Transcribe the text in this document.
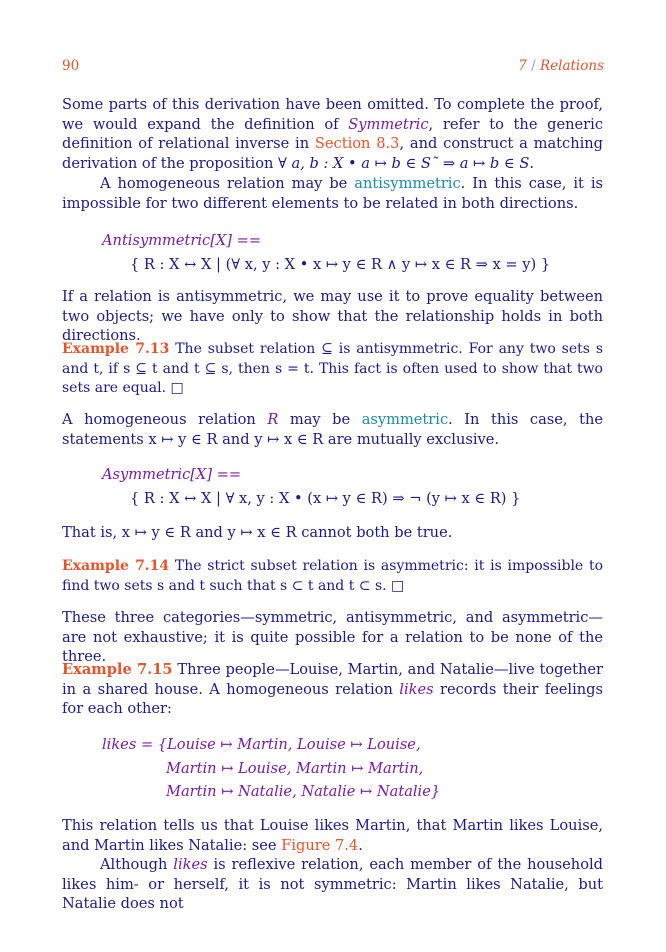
90	7 / Relations
Some parts of this derivation have been omitted. To complete the proof, we would expand the definition of Symmetric, refer to the generic definition of relational inverse in Section 8.3, and construct a matching derivation of the proposition ∀ a, b : X • a ↦ b ∈ S˜ ⇒ a ↦ b ∈ S.
A homogeneous relation may be antisymmetric. In this case, it is impossible for two different elements to be related in both directions.
Antisymmetric[X] ==
{ R : X ↔ X | (∀ x, y : X • x ↦ y ∈ R ∧ y ↦ x ∈ R ⇒ x = y) }
If a relation is antisymmetric, we may use it to prove equality between two objects; we have only to show that the relationship holds in both directions.
Example 7.13 The subset relation ⊆ is antisymmetric. For any two sets s and t, if s ⊆ t and t ⊆ s, then s = t. This fact is often used to show that two sets are equal. □
A homogeneous relation R may be asymmetric. In this case, the statements x ↦ y ∈ R and y ↦ x ∈ R are mutually exclusive.
Asymmetric[X] ==
{ R : X ↔ X | ∀ x, y : X • (x ↦ y ∈ R) ⇒ ¬ (y ↦ x ∈ R) }
That is, x ↦ y ∈ R and y ↦ x ∈ R cannot both be true.
Example 7.14 The strict subset relation is asymmetric: it is impossible to find two sets s and t such that s ⊂ t and t ⊂ s. □
These three categories—symmetric, antisymmetric, and asymmetric—are not exhaustive; it is quite possible for a relation to be none of the three.
Example 7.15 Three people—Louise, Martin, and Natalie—live together in a shared house. A homogeneous relation likes records their feelings for each other:
likes = {Louise ↦ Martin, Louise ↦ Louise,
Martin ↦ Louise, Martin ↦ Martin,
Martin ↦ Natalie, Natalie ↦ Natalie}
This relation tells us that Louise likes Martin, that Martin likes Louise, and Martin likes Natalie: see Figure 7.4.
Although likes is reflexive relation, each member of the household likes him- or herself, it is not symmetric: Martin likes Natalie, but Natalie does not
